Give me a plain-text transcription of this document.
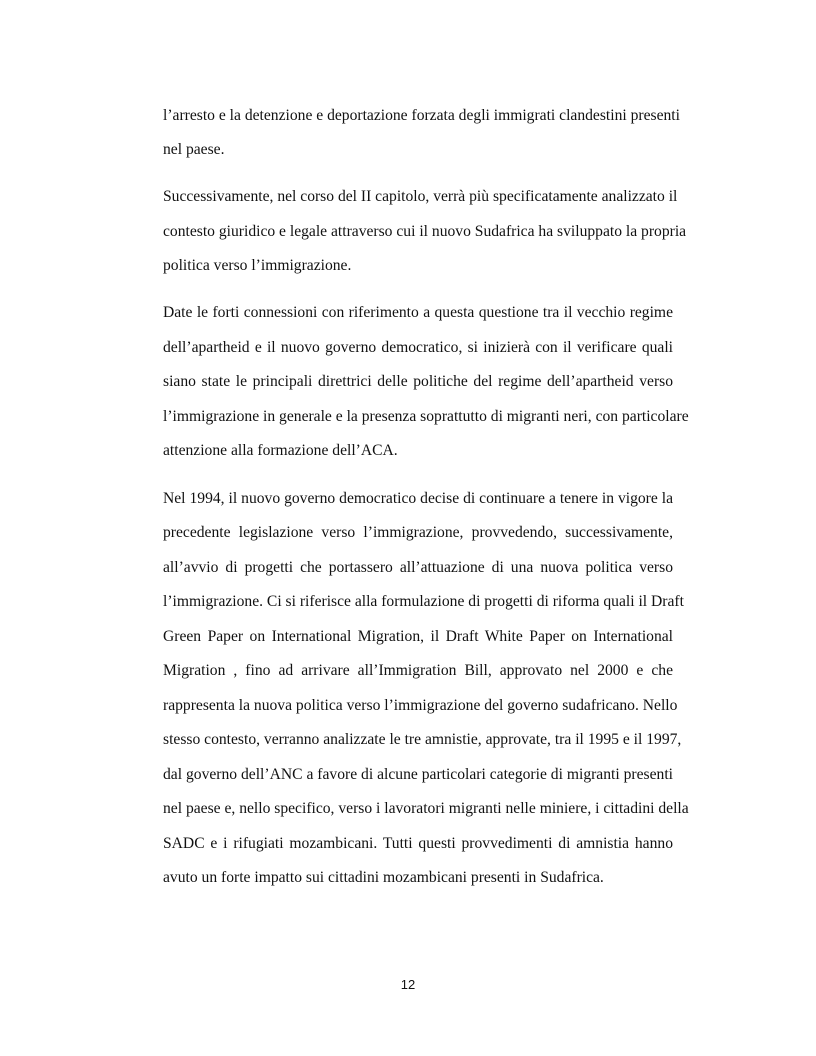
l’arresto e la detenzione e deportazione forzata degli immigrati clandestini presenti
nel paese.
Successivamente, nel corso del II capitolo, verrà più specificatamente analizzato il
contesto giuridico e legale attraverso cui il nuovo Sudafrica ha sviluppato la propria
politica verso l’immigrazione.
Date le forti connessioni con riferimento a questa questione tra il vecchio regime
dell’apartheid e il nuovo governo democratico, si inizierà con il verificare quali
siano state le principali direttrici delle politiche del regime dell’apartheid verso
l’immigrazione in generale e la presenza soprattutto di migranti neri, con particolare
attenzione alla formazione dell’ACA.
Nel 1994, il nuovo governo democratico decise di continuare a tenere in vigore la
precedente legislazione verso l’immigrazione, provvedendo, successivamente,
all’avvio di progetti che portassero all’attuazione di una nuova politica verso
l’immigrazione. Ci si riferisce alla formulazione di progetti di riforma quali il Draft
Green Paper on International Migration, il Draft White Paper on International
Migration , fino ad arrivare all’Immigration Bill, approvato nel 2000 e che
rappresenta la nuova politica verso l’immigrazione del governo sudafricano. Nello
stesso contesto, verranno analizzate le tre amnistie, approvate, tra il 1995 e il 1997,
dal governo dell’ANC a favore di alcune particolari categorie di migranti presenti
nel paese e, nello specifico, verso i lavoratori migranti nelle miniere, i cittadini della
SADC e i rifugiati mozambicani. Tutti questi provvedimenti di amnistia hanno
avuto un forte impatto sui cittadini mozambicani presenti in Sudafrica.
12
